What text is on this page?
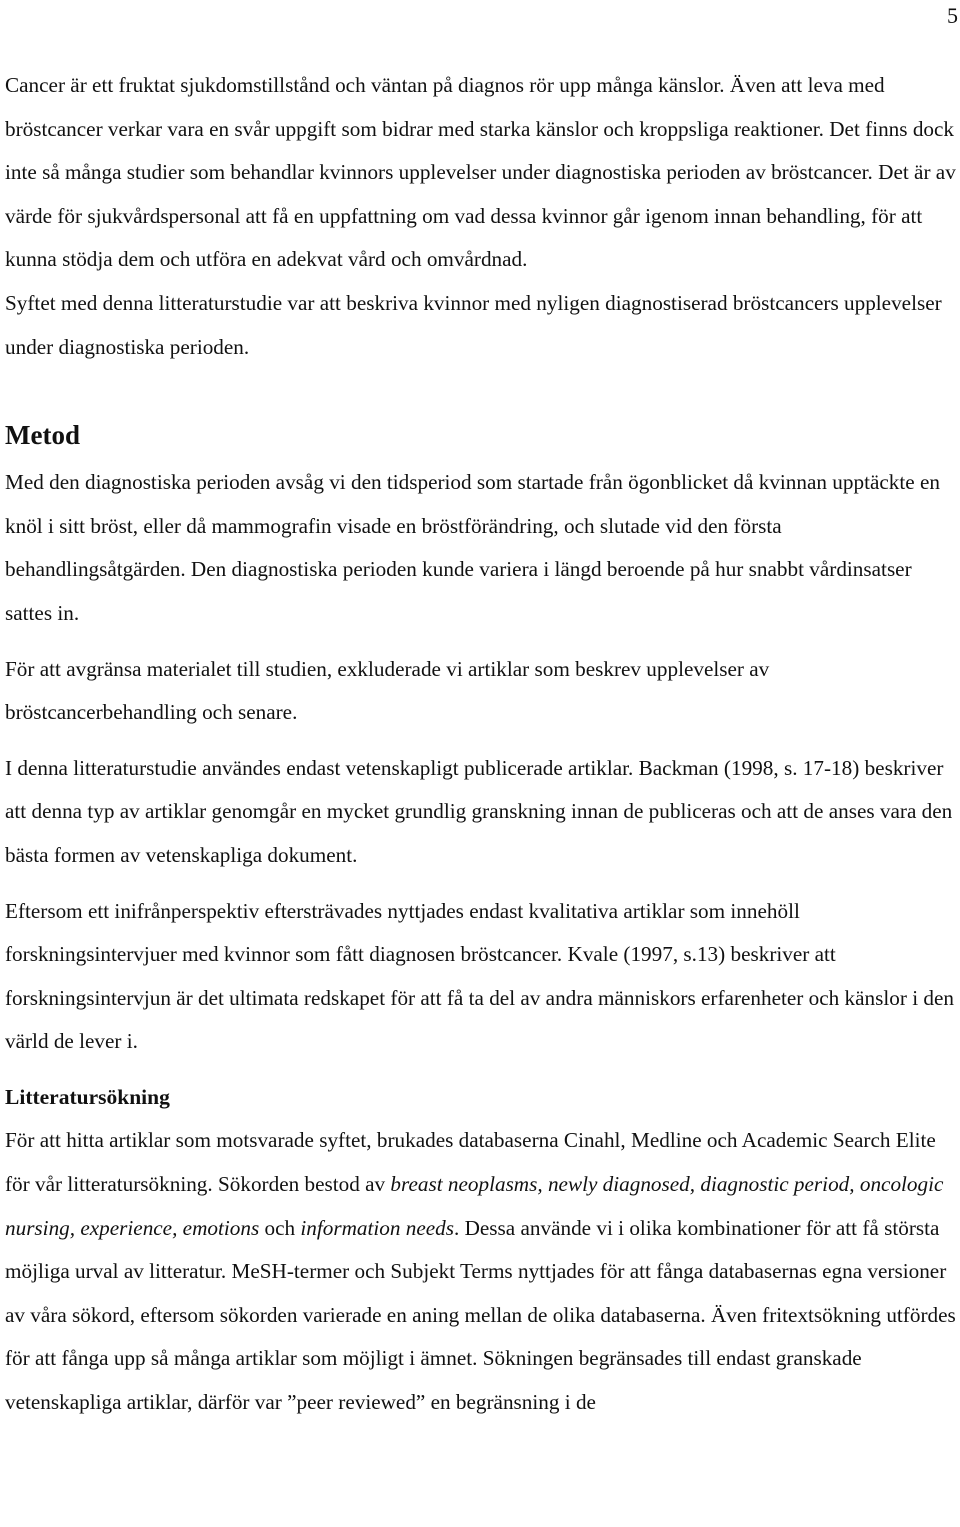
5

Cancer är ett fruktat sjukdomstillstånd och väntan på diagnos rör upp många känslor. Även att leva med bröstcancer verkar vara en svår uppgift som bidrar med starka känslor och kroppsliga reaktioner. Det finns dock inte så många studier som behandlar kvinnors upplevelser under diagnostiska perioden av bröstcancer. Det är av värde för sjukvårdspersonal att få en uppfattning om vad dessa kvinnor går igenom innan behandling, för att kunna stödja dem och utföra en adekvat vård och omvårdnad.

Syftet med denna litteraturstudie var att beskriva kvinnor med nyligen diagnostiserad bröstcancers upplevelser under diagnostiska perioden.

Metod

Med den diagnostiska perioden avsåg vi den tidsperiod som startade från ögonblicket då kvinnan upptäckte en knöl i sitt bröst, eller då mammografin visade en bröstförändring, och slutade vid den första behandlingsåtgärden. Den diagnostiska perioden kunde variera i längd beroende på hur snabbt vårdinsatser sattes in.

För att avgränsa materialet till studien, exkluderade vi artiklar som beskrev upplevelser av bröstcancerbehandling och senare.

I denna litteraturstudie användes endast vetenskapligt publicerade artiklar. Backman (1998, s. 17-18) beskriver att denna typ av artiklar genomgår en mycket grundlig granskning innan de publiceras och att de anses vara den bästa formen av vetenskapliga dokument.

Eftersom ett inifrånperspektiv eftersträvades nyttjades endast kvalitativa artiklar som innehöll forskningsintervjuer med kvinnor som fått diagnosen bröstcancer. Kvale (1997, s.13) beskriver att forskningsintervjun är det ultimata redskapet för att få ta del av andra människors erfarenheter och känslor i den värld de lever i.

Litteratursökning

För att hitta artiklar som motsvarade syftet, brukades databaserna Cinahl, Medline och Academic Search Elite för vår litteratursökning. Sökorden bestod av breast neoplasms, newly diagnosed, diagnostic period, oncologic nursing, experience, emotions och information needs. Dessa använde vi i olika kombinationer för att få största möjliga urval av litteratur. MeSH-termer och Subjekt Terms nyttjades för att fånga databasernas egna versioner av våra sökord, eftersom sökorden varierade en aning mellan de olika databaserna. Även fritextsökning utfördes för att fånga upp så många artiklar som möjligt i ämnet. Sökningen begränsades till endast granskade vetenskapliga artiklar, därför var ”peer reviewed” en begränsning i de
